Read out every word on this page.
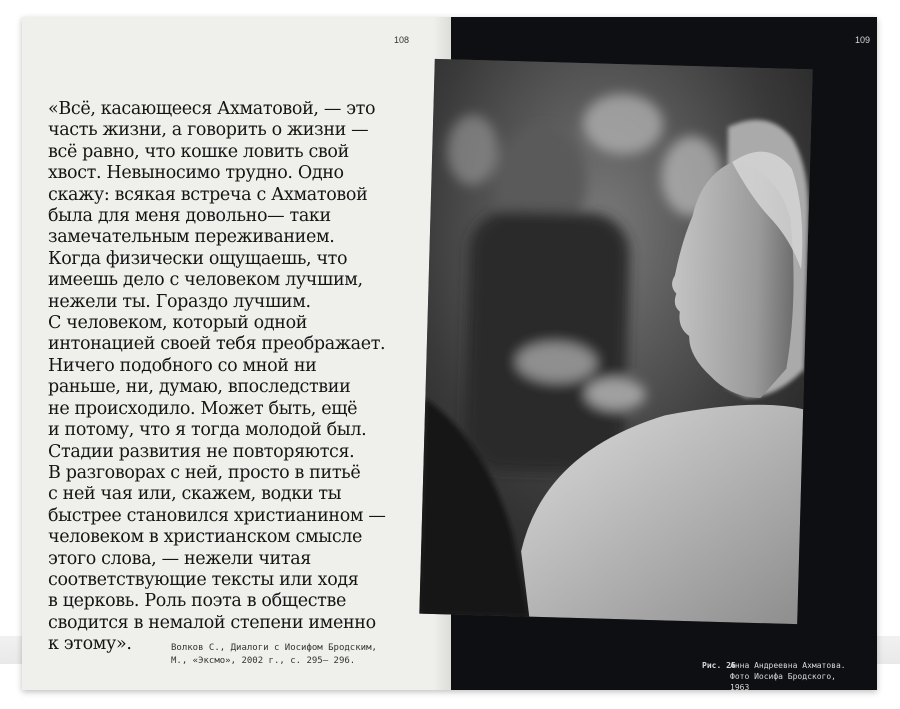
108

«Всё, касающееся Ахматовой, — это
часть жизни, а говорить о жизни —
всё равно, что кошке ловить свой
хвост. Невыносимо трудно. Одно
скажу: всякая встреча с Ахматовой
была для меня довольно— таки
замечательным переживанием.
Когда физически ощущаешь, что
имеешь дело с человеком лучшим,
нежели ты. Гораздо лучшим.
С человеком, который одной
интонацией своей тебя преображает.
Ничего подобного со мной ни
раньше, ни, думаю, впоследствии
не происходило. Может быть, ещё
и потому, что я тогда молодой был.
Стадии развития не повторяются.
В разговорах с ней, просто в питьё
с ней чая или, скажем, водки ты
быстрее становился христианином —
человеком в христианском смысле
этого слова, — нежели читая
соответствующие тексты или ходя
в церковь. Роль поэта в обществе
сводится в немалой степени именно
к этому».	Волков С., Диалоги с Иосифом Бродским,
М., «Эксмо», 2002 г., с. 295— 296.
109
Рис. 26
Анна Андреевна Ахматова.
Фото Иосифа Бродского,
1963
